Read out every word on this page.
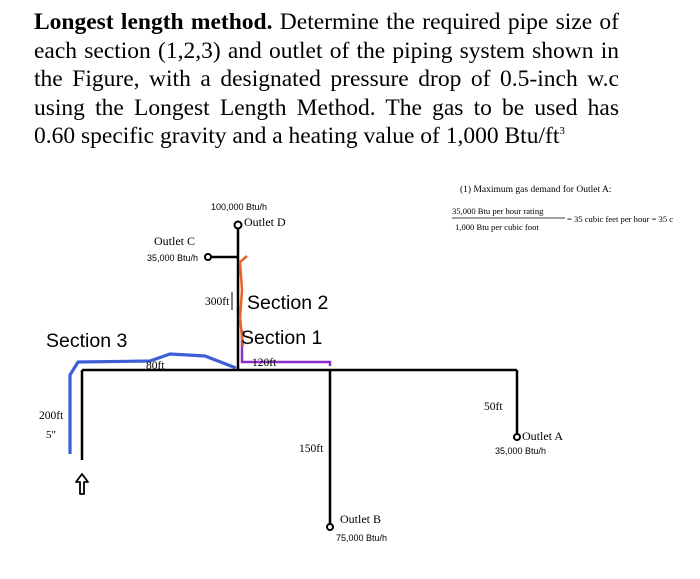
Longest length method. Determine the required pipe size of each section (1,2,3) and outlet of the piping system shown in the Figure, with a designated pressure drop of 0.5-inch w.c using the Longest Length Method. The gas to be used has 0.60 specific gravity and a heating value of 1,000 Btu/$ft^3$

(1) Maximum gas demand for Outlet A:
35,000 Btu per hour rating
1,000 Btu per cubic foot
= 35 cubic feet per hour = 35 c
Section 3
Section 2
Section 1
80ft	120ft
300ft
200ft
5"
150ft
50ft
Outlet A
35,000 Btu/h
Outlet B
75,000 Btu/h
Outlet C
35,000 Btu/h
100,000 Btu/h
Outlet D
